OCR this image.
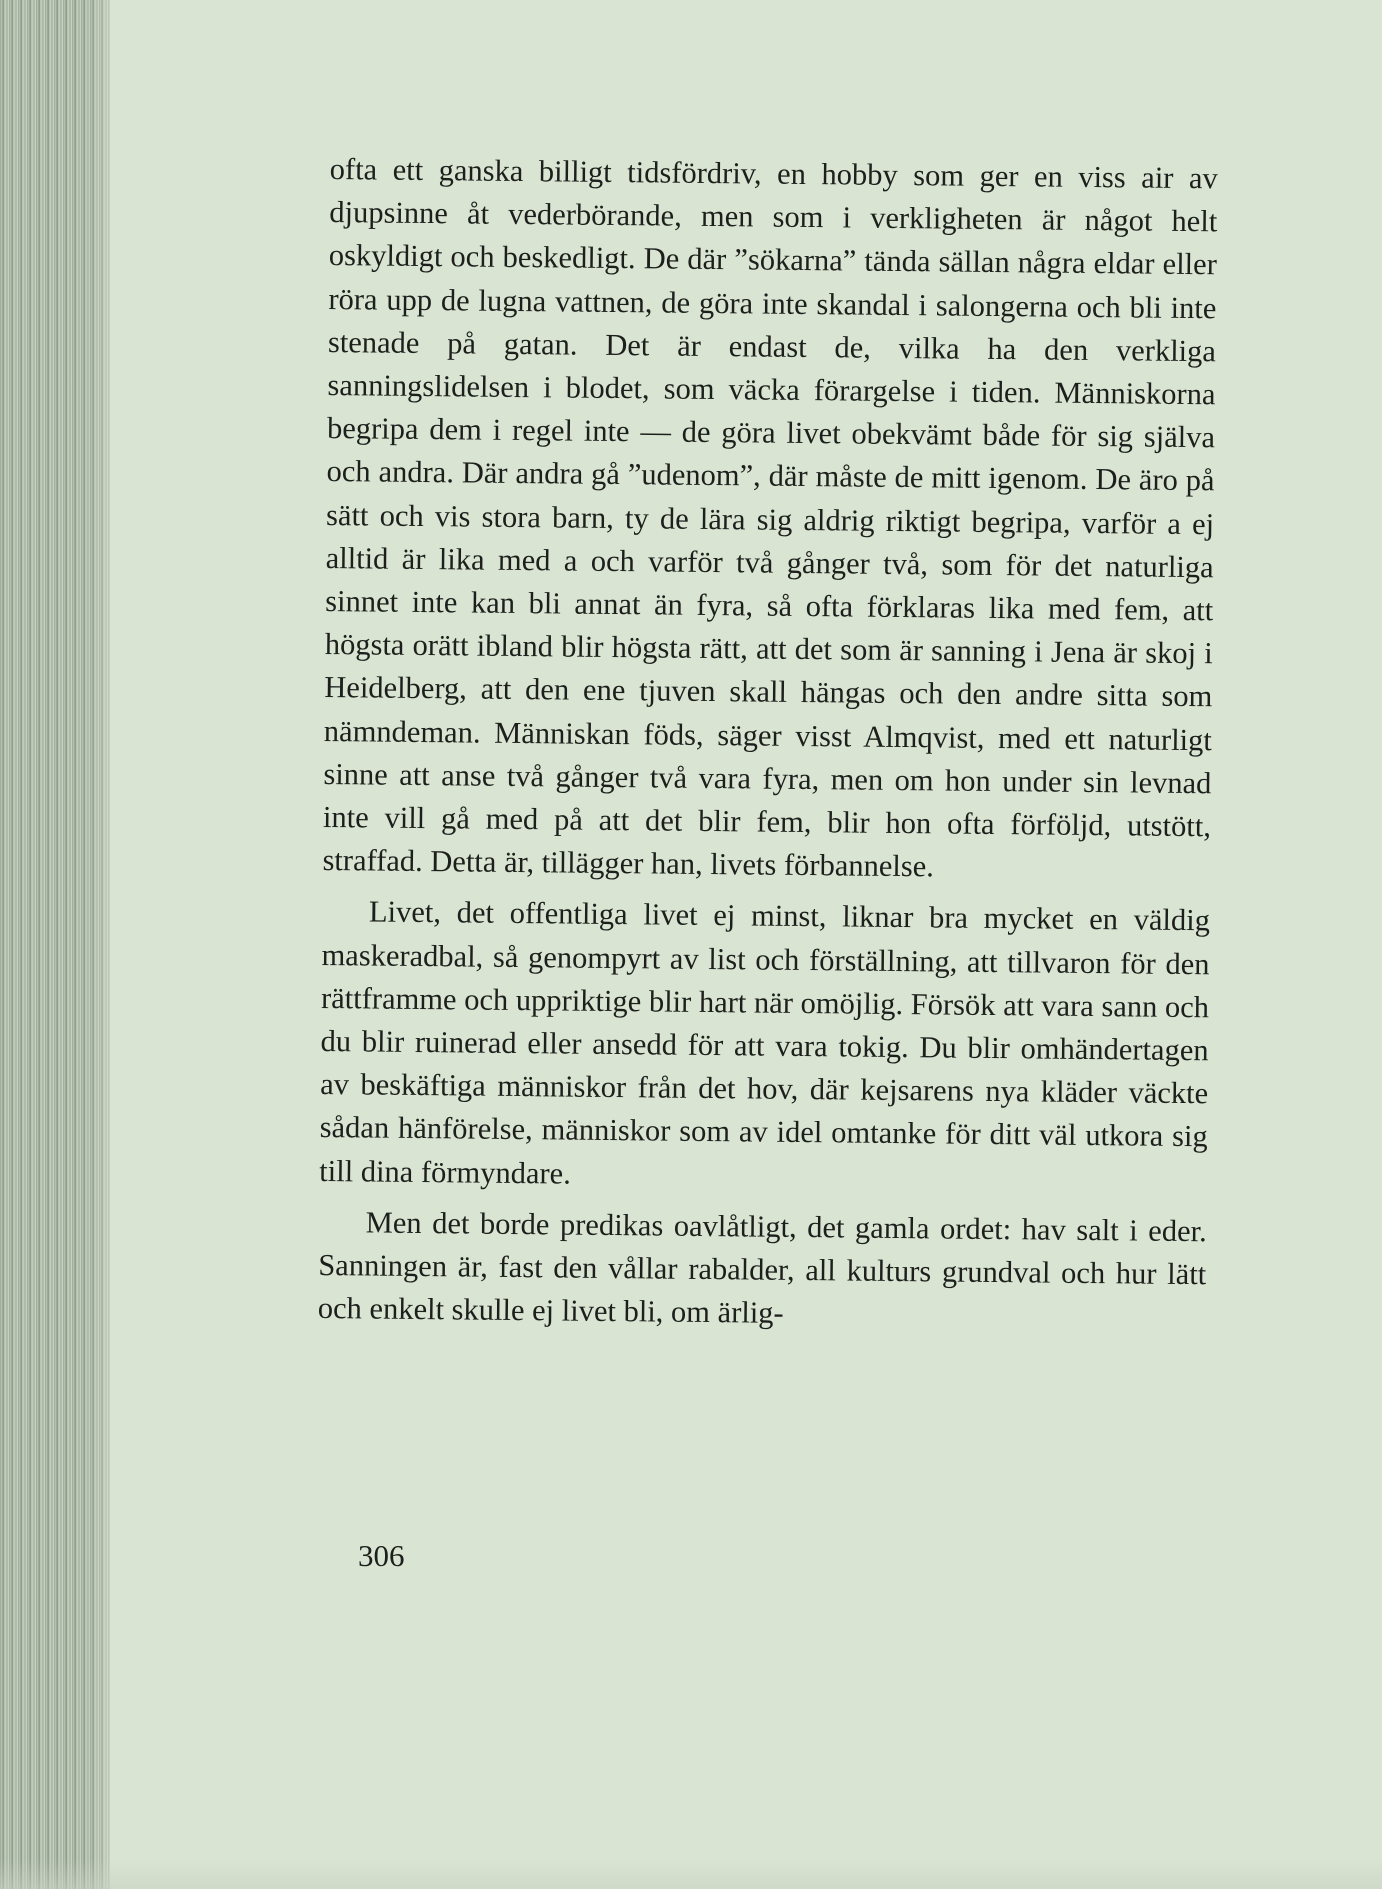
ofta ett ganska billigt tidsfördriv, en hobby som ger en viss air av djupsinne åt vederbörande, men som i verkligheten är något helt oskyldigt och beskedligt. De där ”sökarna” tända sällan några eldar eller röra upp de lugna vattnen, de göra inte skandal i salongerna och bli inte stenade på gatan. Det är endast de, vilka ha den verkliga sanningslidelsen i blodet, som väcka förargelse i tiden. Människorna begripa dem i regel inte — de göra livet obekvämt både för sig själva och andra. Där andra gå ”udenom”, där måste de mitt igenom. De äro på sätt och vis stora barn, ty de lära sig aldrig riktigt begripa, varför a ej alltid är lika med a och varför två gånger två, som för det naturliga sinnet inte kan bli annat än fyra, så ofta förklaras lika med fem, att högsta orätt ibland blir högsta rätt, att det som är sanning i Jena är skoj i Heidelberg, att den ene tjuven skall hängas och den andre sitta som nämndeman. Människan föds, säger visst Almqvist, med ett naturligt sinne att anse två gånger två vara fyra, men om hon under sin levnad inte vill gå med på att det blir fem, blir hon ofta förföljd, utstött, straffad. Detta är, tillägger han, livets förbannelse.

Livet, det offentliga livet ej minst, liknar bra mycket en väldig maskeradbal, så genompyrt av list och förställning, att tillvaron för den rättframme och uppriktige blir hart när omöjlig. Försök att vara sann och du blir ruinerad eller ansedd för att vara tokig. Du blir omhändertagen av beskäftiga människor från det hov, där kejsarens nya kläder väckte sådan hänförelse, människor som av idel omtanke för ditt väl utkora sig till dina förmyndare.

Men det borde predikas oavlåtligt, det gamla ordet: hav salt i eder. Sanningen är, fast den vållar rabalder, all kulturs grundval och hur lätt och enkelt skulle ej livet bli, om ärlig-

306
